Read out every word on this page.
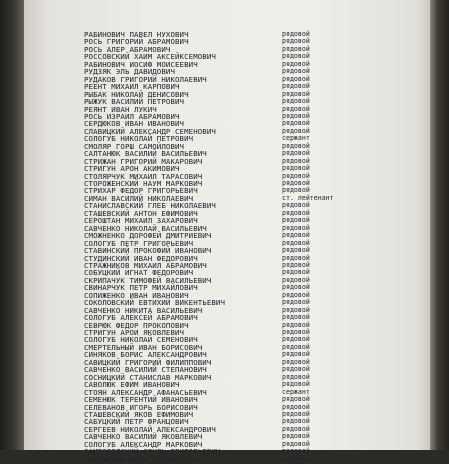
РАБИНОВИЧ ПАВЕЛ НУХОВИЧ	рядовой
РОСЬ ГРИГОРИЙ АБРАМОВИЧ	рядовой
РОСЬ АЛЕР АБРАМОВИЧ	рядовой
РОССОВСКИЙ ХАИМ АКСЕЙКСЕМОВИЧ	рядовой
РАБИНОВИЧ ИОСИФ МОИСЕЕВИЧ	рядовой
РУДЗЯК ЭЛЬ ДАВИДОВИЧ	рядовой
РУДАКОВ ГРИГОРИЙ НИКОЛАЕВИЧ	рядовой
РЕЕНТ МИХАИЛ КАРПОВИЧ	рядовой
РЫБАК НИКОЛАЙ ДЕНИСОВИЧ	рядовой
РЫЖУК ВАСИЛИЙ ПЕТРОВИЧ	рядовой
РЕЯНТ ИВАН ЛУКИЧ	рядовой
РОСЬ ИЗРАИЛ АБРАМОВИЧ	рядовой
СЕРДЮКОВ ИВАН ИВАНОВИЧ	рядовой
СЛАВИЦКИЙ АЛЕКСАНДР СЕМЕНОВИЧ	рядовой
СОЛОГУБ НИКОЛАЙ ПЕТРОВИЧ	сержант
СМОЛЯР ГОРШ САМОЙЛОВИЧ	рядовой
САЛТАНЮК ВАСИЛИЙ ВАСИЛЬЕВИЧ	рядовой
СТРИЖАН ГРИГОРИЙ МАКАРОВИЧ	рядовой
СТРИГУН АРОН АКИМОВИЧ	рядовой
СТОЛЯРЧУК МИХАИЛ ТАРАСОВИЧ	рядовой
СТОРОЖЕНСКИЙ НАУМ МАРКОВИЧ	рядовой
СТРИХАР ФЕДОР ГРИГОРЬЕВИЧ	рядовой
СИМАН ВАСИЛИЙ НИКОЛАЕВИЧ	ст. лейтенант
СТАНИСЛАВСКИЙ ГЛЕБ НИКОЛАЕВИЧ	рядовой
СТАШЕВСКИЙ АНТОН ЕФИМОВИЧ	рядовой
СЕРОШТАН МИХАИЛ ЗАХАРОВИЧ	рядовой
САВЧЕНКО НИКОЛАЙ ВАСИЛЬЕВИЧ	рядовой
СМОЖНЕНКО ДОРОФЕЙ ДМИТРИЕВИЧ	рядовой
СОЛОГУБ ПЕТР ГРИГОРЬЕВИЧ	рядовой
СТАВИНСКИЙ ПРОКОФИЙ ИВАНОВИЧ	рядовой
СТУДИНСКИЙ ИВАН ФЕДОРОВИЧ	рядовой
СТРАЖНИКОВ МИХАИЛ АБРАМОВИЧ	рядовой
СОБУЦКИЙ ИГНАТ ФЕДОРОВИЧ	рядовой
СКРИПАЧУК ТИМОФЕЙ ВАСИЛЬЕВИЧ	рядовой
СВИНАРЧУК ПЕТР МИХАЙЛОВИЧ	рядовой
СОПИЖЕНКО ИВАН ИВАНОВИЧ	рядовой
СОКОЛОВСКИЙ ЕВТИХИЙ ВИКЕНТЬЕВИЧ	рядовой
САВЧЕНКО НИКИТА ВАСИЛЬЕВИЧ	рядовой
СОЛОГУБ АЛЕКСЕЙ АБРАМОВИЧ	рядовой
СЕВРЮК ФЕДОР ПРОКОПОВИЧ	рядовой
СТРИГУН АРОИ ЯКОВЛЕВИЧ	рядовой
СОЛОГУБ НИКОЛАЙ СЕМЕНОВИЧ	рядовой
СМЕРТЕЛЬНЫЙ ИВАН БОРИСОВИЧ	рядовой
СИНЯКОВ БОРИС АЛЕКСАНДРОВИЧ	рядовой
САВИЦКИЙ ГРИГОРИЙ ФИЛИППОВИЧ	рядовой
САВЧЕНКО ВАСИЛИЙ СТЕПАНОВИЧ	рядовой
СОСНИЦКИЙ СТАНИСЛАВ МАРКОВИЧ	рядовой
САВОЛЮК ЕФИМ ИВАНОВИЧ	рядовой
СТОЯН АЛЕКСАНДР АФАНАСЬЕВИЧ	сержант
СЕМЕНЮК ТЕРЕНТИЙ ИВАНОВИЧ	рядовой
СЕЛЕВАНОВ ИГОРЬ БОРИСОВИЧ	рядовой
СТАШЕВСКИЙ ЯКОВ ЕФИМОВИЧ	рядовой
САБУЦКИЙ ПЕТР ФРАНЦОВИЧ	рядовой
СЕРГЕЕВ НИКОЛАЙ АЛЕКСАНДРОВИЧ	рядовой
САВЧЕНКО ВАСИЛИЙ ЯКОВЛЕВИЧ	рядовой
СОЛОГУБ АЛЕКСАНДР МАРКОВИЧ	рядовой
САМГОРОДСКИЙ СРУЛЬ ГРИГОРЬЕВИЧ	рядовой
СОПИЖЕНКО ИВАН ТРОФИМОВИЧ	рядовой
